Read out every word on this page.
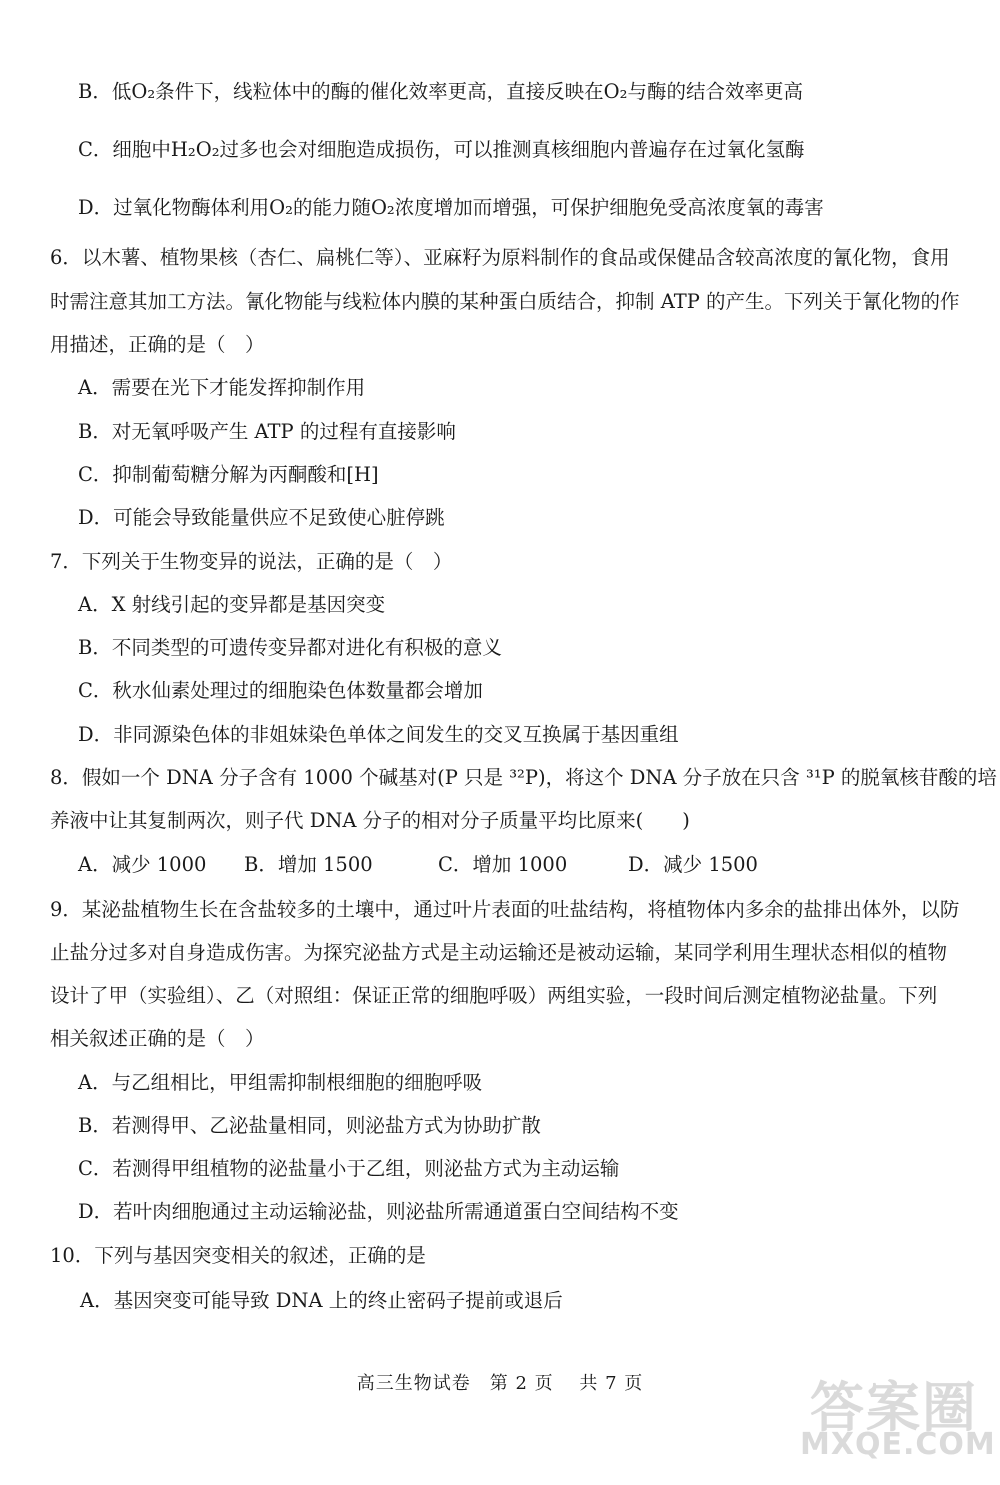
B．低O₂条件下，线粒体中的酶的催化效率更高，直接反映在O₂与酶的结合效率更高
C．细胞中H₂O₂过多也会对细胞造成损伤，可以推测真核细胞内普遍存在过氧化氢酶
D．过氧化物酶体利用O₂的能力随O₂浓度增加而增强，可保护细胞免受高浓度氧的毒害
6．以木薯、植物果核（杏仁、扁桃仁等）、亚麻籽为原料制作的食品或保健品含较高浓度的氰化物，食用
时需注意其加工方法。氰化物能与线粒体内膜的某种蛋白质结合，抑制 ATP 的产生。下列关于氰化物的作
用描述，正确的是（　）
A．需要在光下才能发挥抑制作用
B．对无氧呼吸产生 ATP 的过程有直接影响
C．抑制葡萄糖分解为丙酮酸和[H]
D．可能会导致能量供应不足致使心脏停跳
7．下列关于生物变异的说法，正确的是（　）
A．X 射线引起的变异都是基因突变
B．不同类型的可遗传变异都对进化有积极的意义
C．秋水仙素处理过的细胞染色体数量都会增加
D．非同源染色体的非姐妹染色单体之间发生的交叉互换属于基因重组
8．假如一个 DNA 分子含有 1000 个碱基对(P 只是 ³²P)，将这个 DNA 分子放在只含 ³¹P 的脱氧核苷酸的培
养液中让其复制两次，则子代 DNA 分子的相对分子质量平均比原来(　　)
A．减少 1000	B．增加 1500	C．增加 1000	D．减少 1500
9．某泌盐植物生长在含盐较多的土壤中，通过叶片表面的吐盐结构，将植物体内多余的盐排出体外，以防
止盐分过多对自身造成伤害。为探究泌盐方式是主动运输还是被动运输，某同学利用生理状态相似的植物
设计了甲（实验组）、乙（对照组：保证正常的细胞呼吸）两组实验，一段时间后测定植物泌盐量。下列
相关叙述正确的是（　）
A．与乙组相比，甲组需抑制根细胞的细胞呼吸
B．若测得甲、乙泌盐量相同，则泌盐方式为协助扩散
C．若测得甲组植物的泌盐量小于乙组，则泌盐方式为主动运输
D．若叶肉细胞通过主动运输泌盐，则泌盐所需通道蛋白空间结构不变
10．下列与基因突变相关的叙述，正确的是
A．基因突变可能导致 DNA 上的终止密码子提前或退后
高三生物试卷　第 2 页　 共 7 页	答案圈
MXQE.COM
